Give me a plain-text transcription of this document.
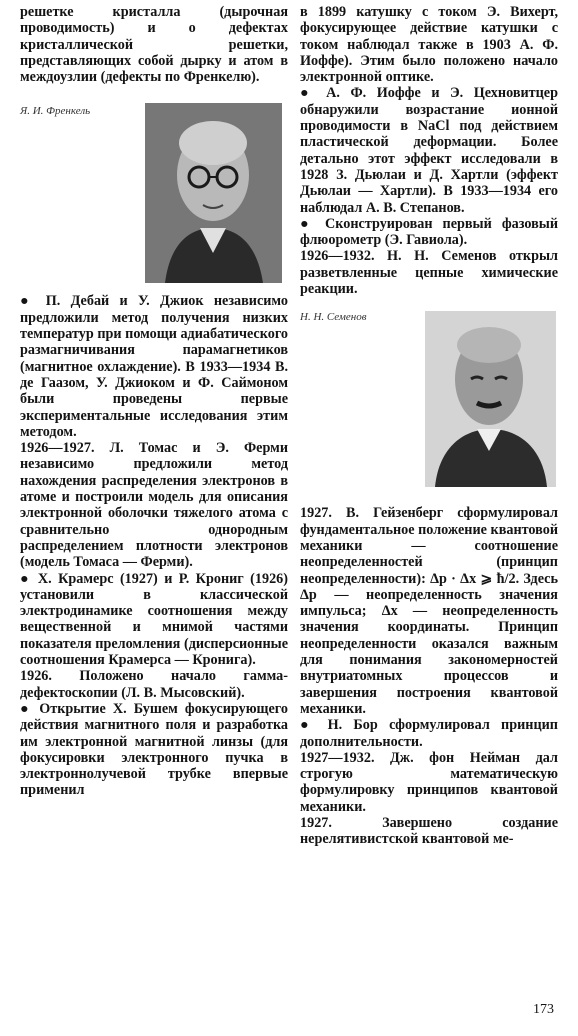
решетке кристалла (дырочная проводимость) и о дефектах кристаллической решетки, представляющих собой дырку и атом в междоузлии (дефекты по Френкелю).

Я. И. Френкель

● П. Дебай и У. Джиок независимо предложили метод получения низких температур при помощи адиабатического размагничивания парамагнетиков (магнитное охлаждение). В 1933—1934 В. де Гаазом, У. Джиоком и Ф. Саймоном были проведены первые экспериментальные исследования этим методом.

1926—1927. Л. Томас и Э. Ферми независимо предложили метод нахождения распределения электронов в атоме и построили модель для описания электронной оболочки тяжелого атома с сравнительно однородным распределением плотности электронов (модель Томаса — Ферми).

● Х. Крамерс (1927) и Р. Крониг (1926) установили в классической электродинамике соотношения между вещественной и мнимой частями показателя преломления (дисперсионные соотношения Крамерса — Кронига).

1926. Положено начало гамма-дефектоскопии (Л. В. Мысовский).

● Открытие Х. Бушем фокусирующего действия магнитного поля и разработка им электронной магнитной линзы (для фокусировки электронного пучка в электроннолучевой трубке впервые применил

в 1899 катушку с током Э. Вихерт, фокусирующее действие катушки с током наблюдал также в 1903 А. Ф. Иоффе). Этим было положено начало электронной оптике.

● А. Ф. Иоффе и Э. Цехновитцер обнаружили возрастание ионной проводимости в NaCl под действием пластической деформации. Более детально этот эффект исследовали в 1928 З. Дьюлаи и Д. Хартли (эффект Дьюлаи — Хартли). В 1933—1934 его наблюдал А. В. Степанов.

● Сконструирован первый фазовый флюорометр (Э. Гавиола).

1926—1932. Н. Н. Семенов открыл разветвленные цепные химические реакции.

Н. Н. Семенов

1927. В. Гейзенберг сформулировал фундаментальное положение квантовой механики — соотношение неопределенностей (принцип неопределенности): Δp · Δx ⩾ ħ/2. Здесь Δp — неопределенность значения импульса; Δx — неопределенность значения координаты. Принцип неопределенности оказался важным для понимания закономерностей внутриатомных процессов и завершения построения квантовой механики.

● Н. Бор сформулировал принцип дополнительности.

1927—1932. Дж. фон Нейман дал строгую математическую формулировку принципов квантовой механики.

1927.	Завершено создание нерелятивистской квантовой ме-

173
